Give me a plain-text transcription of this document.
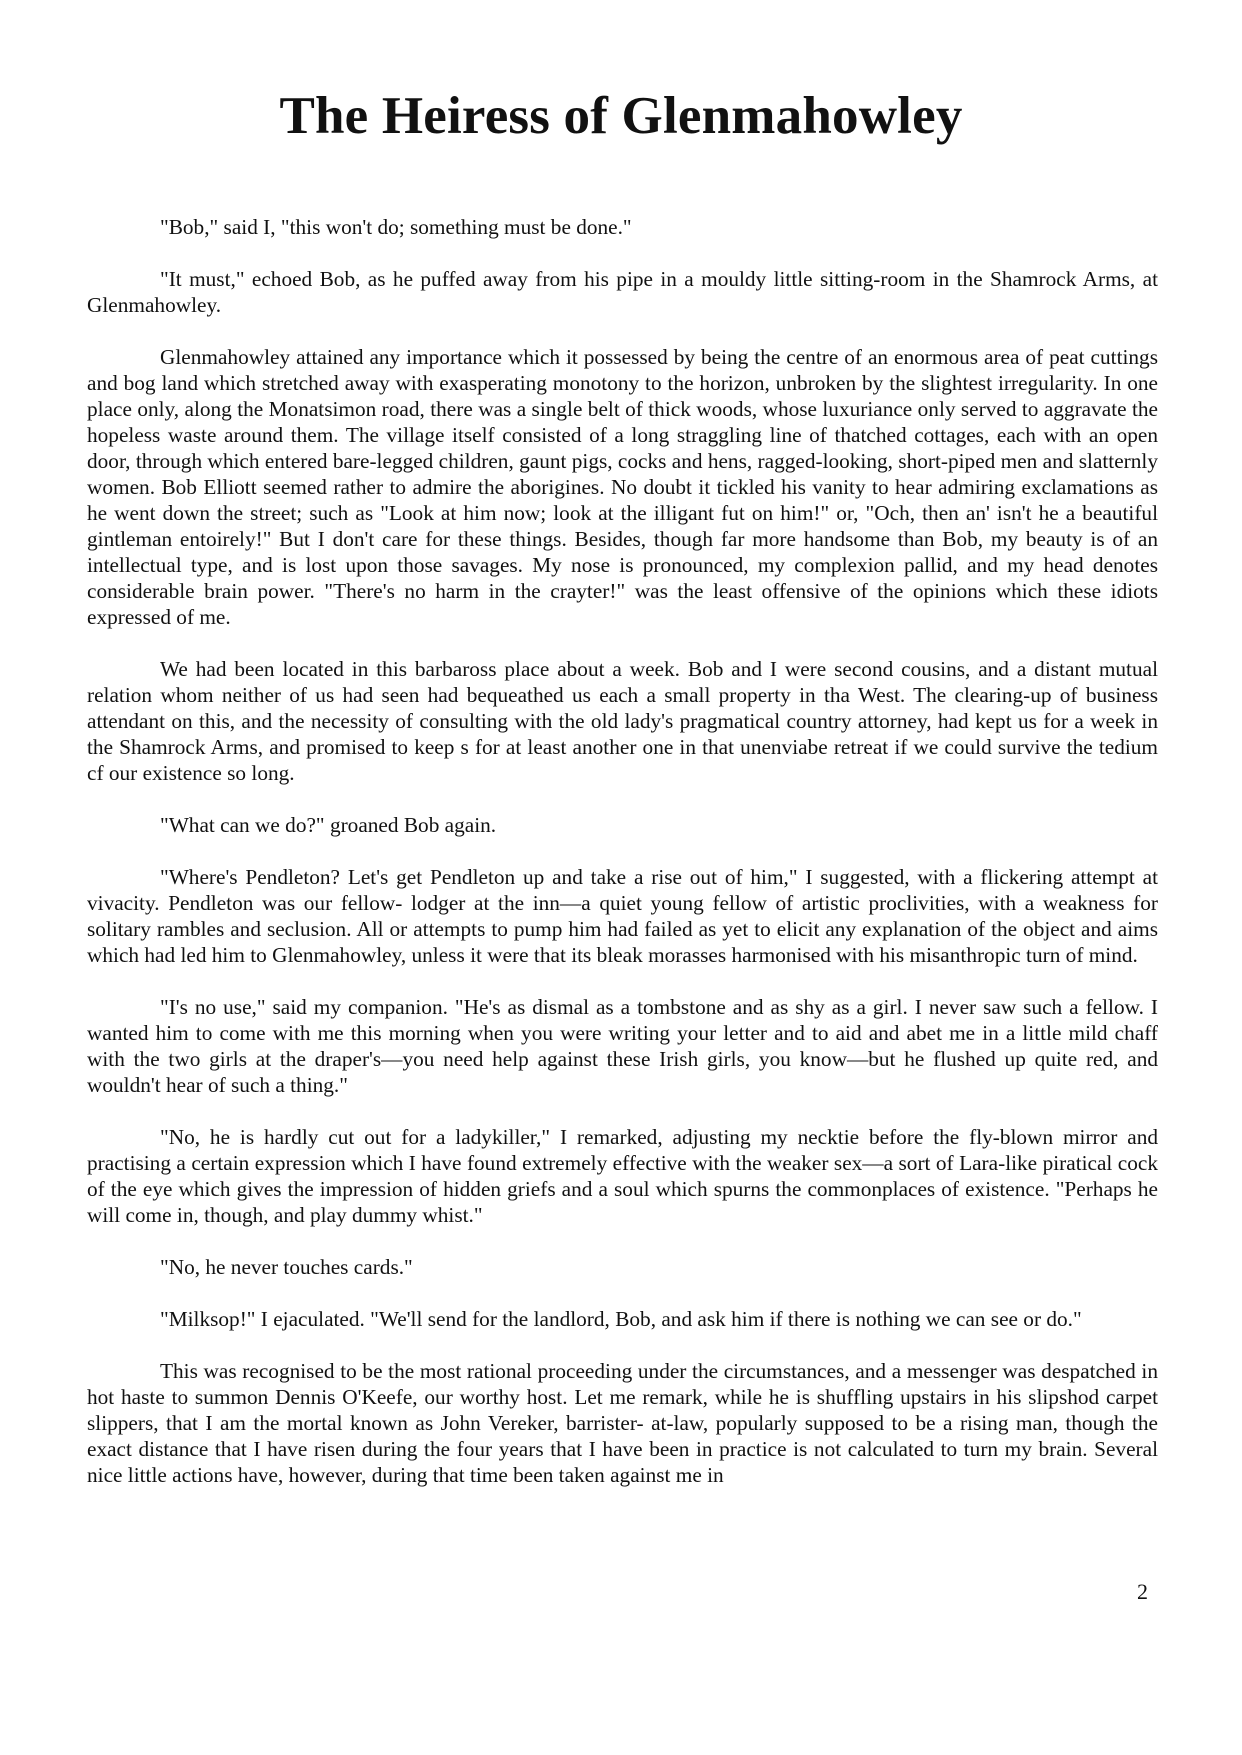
The Heiress of Glenmahowley

"Bob," said I, "this won't do; something must be done."

"It must," echoed Bob, as he puffed away from his pipe in a mouldy little sitting-room in the Shamrock Arms, at Glenmahowley.

Glenmahowley attained any importance which it possessed by being the centre of an enormous area of peat cuttings and bog land which stretched away with exasperating monotony to the horizon, unbroken by the slightest irregularity. In one place only, along the Monatsimon road, there was a single belt of thick woods, whose luxuriance only served to aggravate the hopeless waste around them. The village itself consisted of a long straggling line of thatched cottages, each with an open door, through which entered bare-legged children, gaunt pigs, cocks and hens, ragged-looking, short-piped men and slatternly women. Bob Elliott seemed rather to admire the aborigines. No doubt it tickled his vanity to hear admiring exclamations as he went down the street; such as "Look at him now; look at the illigant fut on him!" or, "Och, then an' isn't he a beautiful gintleman entoirely!" But I don't care for these things. Besides, though far more handsome than Bob, my beauty is of an intellectual type, and is lost upon those savages. My nose is pronounced, my complexion pallid, and my head denotes considerable brain power. "There's no harm in the crayter!" was the least offensive of the opinions which these idiots expressed of me.

We had been located in this barbaross place about a week. Bob and I were second cousins, and a distant mutual relation whom neither of us had seen had bequeathed us each a small property in tha West. The clearing-up of business attendant on this, and the necessity of consulting with the old lady's pragmatical country attorney, had kept us for a week in the Shamrock Arms, and promised to keep s for at least another one in that unenviabe retreat if we could survive the tedium cf our existence so long.

"What can we do?" groaned Bob again.

"Where's Pendleton? Let's get Pendleton up and take a rise out of him," I suggested, with a flickering attempt at vivacity. Pendleton was our fellow- lodger at the inn—a quiet young fellow of artistic proclivities, with a weakness for solitary rambles and seclusion. All or attempts to pump him had failed as yet to elicit any explanation of the object and aims which had led him to Glenmahowley, unless it were that its bleak morasses harmonised with his misanthropic turn of mind.

"I's no use," said my companion. "He's as dismal as a tombstone and as shy as a girl. I never saw such a fellow. I wanted him to come with me this morning when you were writing your letter and to aid and abet me in a little mild chaff with the two girls at the draper's—you need help against these Irish girls, you know—but he flushed up quite red, and wouldn't hear of such a thing."

"No, he is hardly cut out for a ladykiller," I remarked, adjusting my necktie before the fly-blown mirror and practising a certain expression which I have found extremely effective with the weaker sex—a sort of Lara-like piratical cock of the eye which gives the impression of hidden griefs and a soul which spurns the commonplaces of existence. "Perhaps he will come in, though, and play dummy whist."

"No, he never touches cards."

"Milksop!" I ejaculated. "We'll send for the landlord, Bob, and ask him if there is nothing we can see or do."

This was recognised to be the most rational proceeding under the circumstances, and a messenger was despatched in hot haste to summon Dennis O'Keefe, our worthy host. Let me remark, while he is shuffling upstairs in his slipshod carpet slippers, that I am the mortal known as John Vereker, barrister- at-law, popularly supposed to be a rising man, though the exact distance that I have risen during the four years that I have been in practice is not calculated to turn my brain. Several nice little actions have, however, during that time been taken against me in

2
